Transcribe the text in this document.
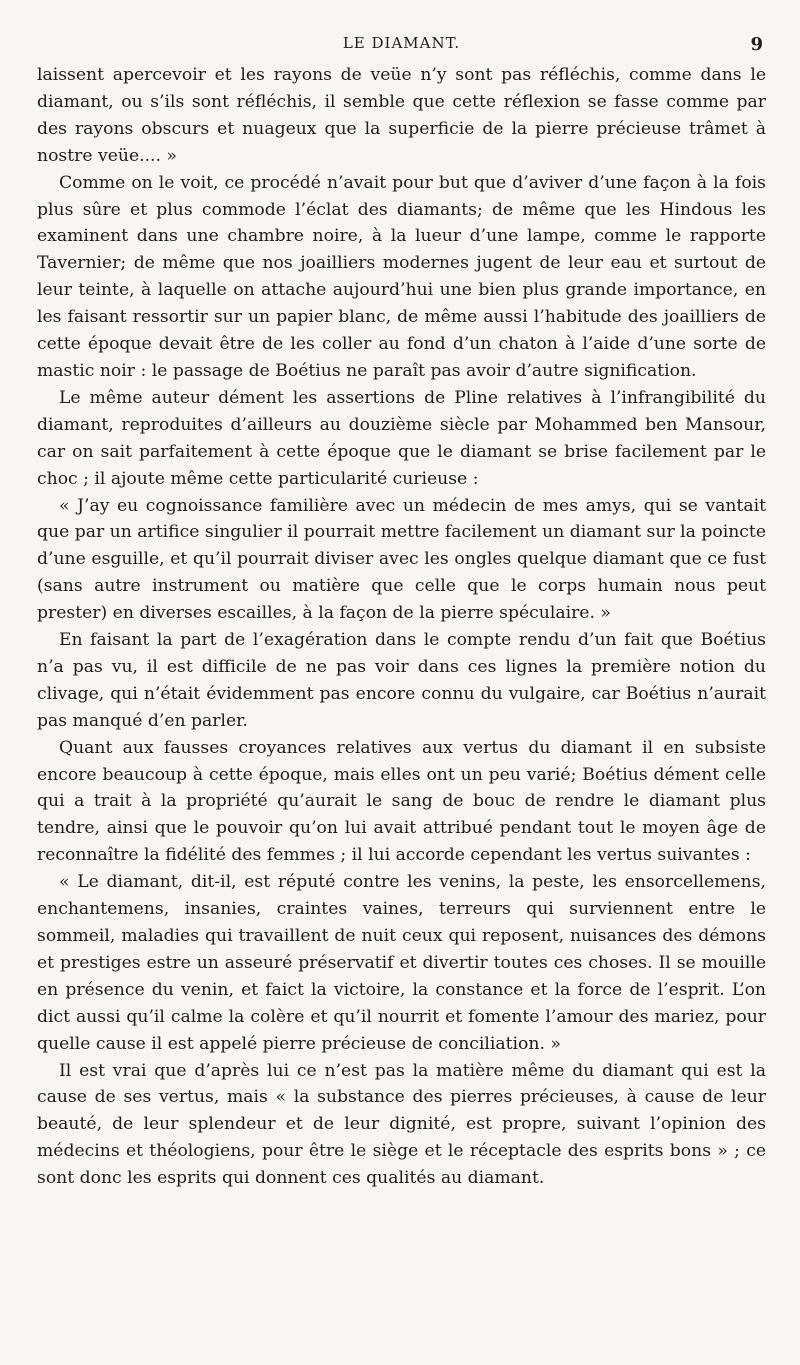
LE DIAMANT.	9

laissent apercevoir et les rayons de veüe n’y sont pas réfléchis, comme dans le diamant, ou s’ils sont réfléchis, il semble que cette réflexion se fasse comme par des rayons obscurs et nuageux que la superficie de la pierre précieuse trâmet à nostre veüe.... »

Comme on le voit, ce procédé n’avait pour but que d’aviver d’une façon à la fois plus sûre et plus commode l’éclat des diamants; de même que les Hindous les examinent dans une chambre noire, à la lueur d’une lampe, comme le rapporte Tavernier; de même que nos joailliers modernes jugent de leur eau et surtout de leur teinte, à laquelle on attache aujourd’hui une bien plus grande importance, en les faisant ressortir sur un papier blanc, de même aussi l’habitude des joailliers de cette époque devait être de les coller au fond d’un chaton à l’aide d’une sorte de mastic noir : le passage de Boétius ne paraît pas avoir d’autre signification.

Le même auteur dément les assertions de Pline relatives à l’infrangibilité du diamant, reproduites d’ailleurs au douzième siècle par Mohammed ben Mansour, car on sait parfaitement à cette époque que le diamant se brise facilement par le choc ; il ajoute même cette particularité curieuse :

« J’ay eu cognoissance familière avec un médecin de mes amys, qui se vantait que par un artifice singulier il pourrait mettre facilement un diamant sur la poincte d’une esguille, et qu’il pourrait diviser avec les ongles quelque diamant que ce fust (sans autre instrument ou matière que celle que le corps humain nous peut prester) en diverses escailles, à la façon de la pierre spéculaire. »

En faisant la part de l’exagération dans le compte rendu d’un fait que Boétius n’a pas vu, il est difficile de ne pas voir dans ces lignes la première notion du clivage, qui n’était évidemment pas encore connu du vulgaire, car Boétius n’aurait pas manqué d’en parler.

Quant aux fausses croyances relatives aux vertus du diamant il en subsiste encore beaucoup à cette époque, mais elles ont un peu varié; Boétius dément celle qui a trait à la propriété qu’aurait le sang de bouc de rendre le diamant plus tendre, ainsi que le pouvoir qu’on lui avait attribué pendant tout le moyen âge de reconnaître la fidélité des femmes ; il lui accorde cependant les vertus suivantes :

« Le diamant, dit-il, est réputé contre les venins, la peste, les ensorcellemens, enchantemens, insanies, craintes vaines, terreurs qui surviennent entre le sommeil, maladies qui travaillent de nuit ceux qui reposent, nuisances des démons et prestiges estre un asseuré préservatif et divertir toutes ces choses. Il se mouille en présence du venin, et faict la victoire, la constance et la force de l’esprit. L’on dict aussi qu’il calme la colère et qu’il nourrit et fomente l’amour des mariez, pour quelle cause il est appelé pierre précieuse de conciliation. »

Il est vrai que d’après lui ce n’est pas la matière même du diamant qui est la cause de ses vertus, mais « la substance des pierres précieuses, à cause de leur beauté, de leur splendeur et de leur dignité, est propre, suivant l’opinion des médecins et théologiens, pour être le siège et le réceptacle des esprits bons » ; ce sont donc les esprits qui donnent ces qualités au diamant.
